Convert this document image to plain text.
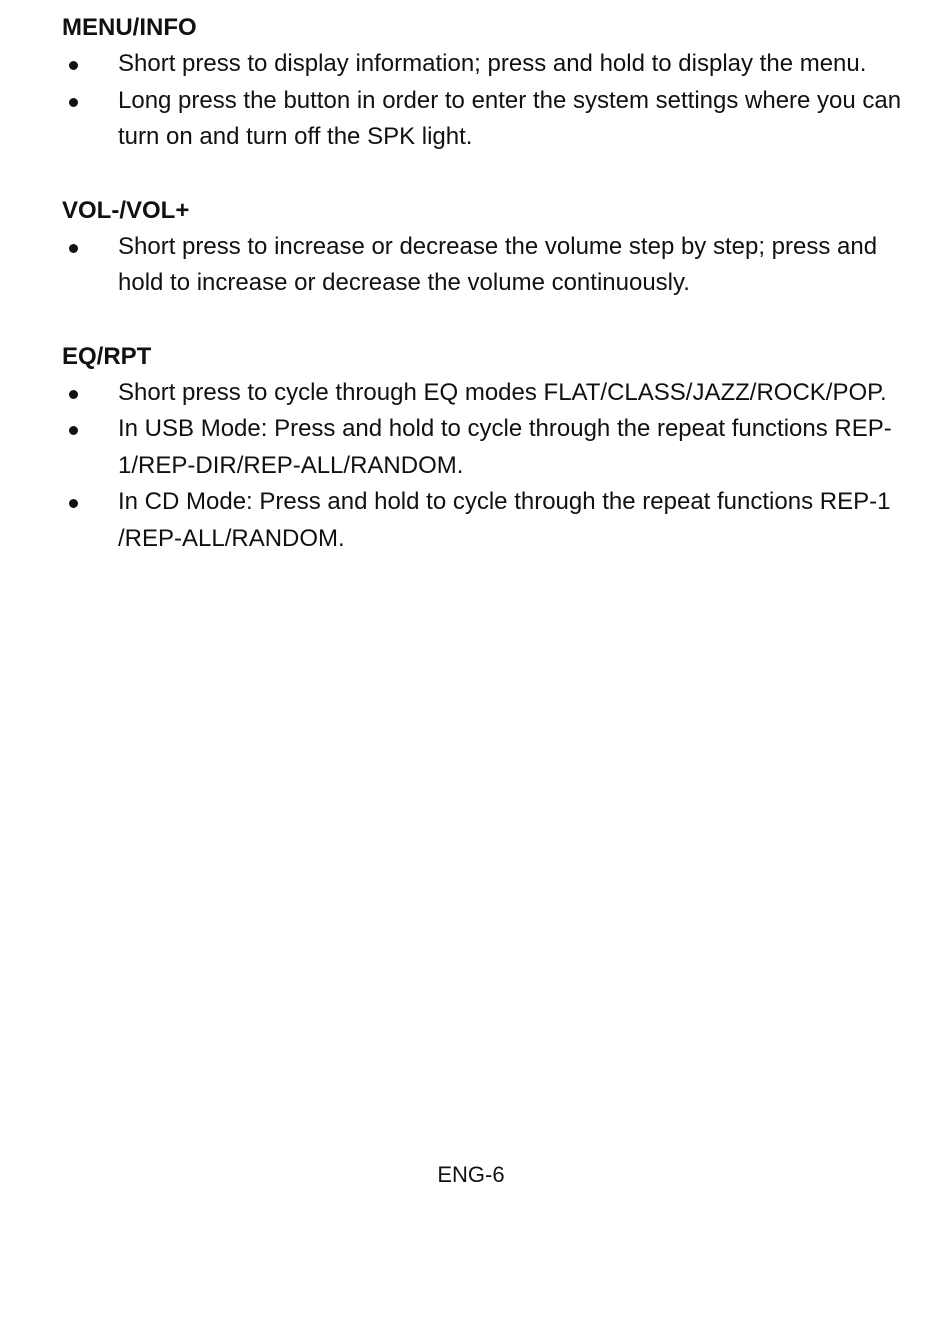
MENU/INFO
Short press to display information; press and hold to display the menu.
Long press the button in order to enter the system settings where you can turn on and turn off the SPK light.
VOL-/VOL+
Short press to increase or decrease the volume step by step; press and hold to increase or decrease the volume continuously.
EQ/RPT
Short press to cycle through EQ modes FLAT/CLASS/JAZZ/ROCK/POP.
In USB Mode: Press and hold to cycle through the repeat functions REP-1/REP-DIR/REP-ALL/RANDOM.
In CD Mode: Press and hold to cycle through the repeat functions REP-1 /REP-ALL/RANDOM.
ENG-6
